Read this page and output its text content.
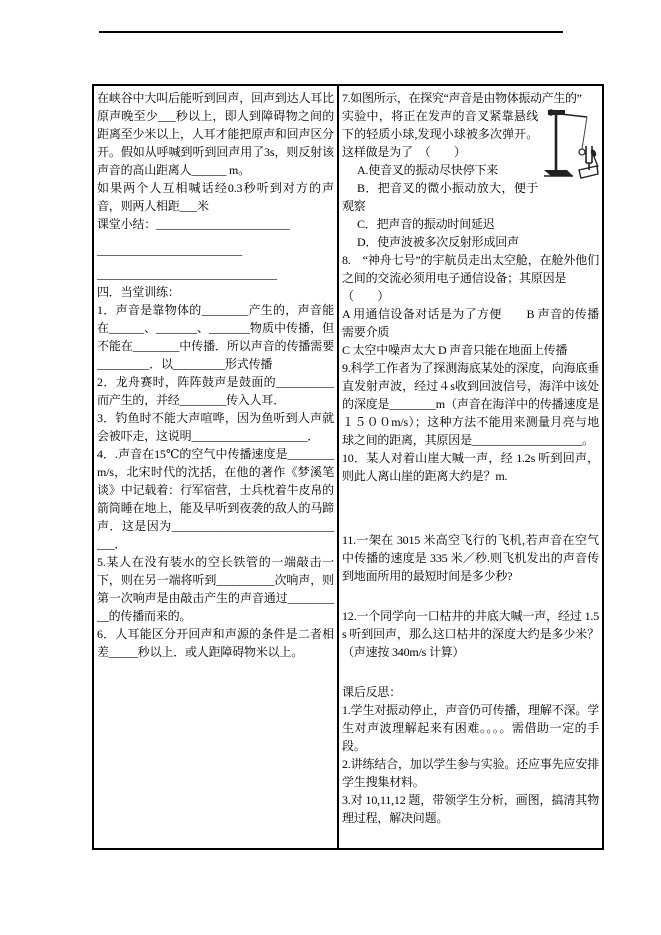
在峡谷中大叫后能听到回声，回声到达人耳比原声晚至少___秒以上，即人到障碍物之间的距离至少米以上，人耳才能把原声和回声区分开。假如从呼喊到听到回声用了3s，则反射该声音的高山距离人______ m。

如果两个人互相喊话经0.3秒听到对方的声音，则两人相距___米

课堂小结：_______________________

_________________________

_______________________________

四．当堂训练：

1．声音是靠物体的________产生的，声音能在______、_______、_______物质中传播，但不能在________中传播．所以声音的传播需要_________．以_________形式传播

2．龙舟赛时，阵阵鼓声是鼓面的__________而产生的，并经________传入人耳．

3．钓鱼时不能大声喧哗，因为鱼听到人声就会被吓走，这说明____________________．

4．.声音在15℃的空气中传播速度是________m/s，北宋时代的沈括，在他的著作《梦溪笔谈》中记载着：行军宿营，士兵枕着牛皮帛的箭筒睡在地上，能及早听到夜袭的敌人的马蹄声．这是因为_______________________________．

5.某人在没有装水的空长铁管的一端敲击一下，则在另一端将听到__________次响声，则第一次响声是由敲击产生的声音通过__________的传播而来的。

6．人耳能区分开回声和声源的条件是二者相差_____秒以上．或人距障碍物米以上。

7.如图所示，在探究“声音是由物体振动产生的”

实验中，将正在发声的音叉紧靠悬线下的轻质小球,发现小球被多次弹开。这样做是为了　（　　）

A.使音叉的振动尽快停下来

B．把音叉的微小振动放大，便于观察

C．把声音的振动时间延迟

D．使声波被多次反射形成回声

8.　“神舟七号”的宇航员走出太空舱，在舱外他们之间的交流必须用电子通信设备；其原因是

（　　）

A 用通信设备对话是为了方便　　B 声音的传播需要介质

C 太空中噪声太大 D 声音只能在地面上传播

9.科学工作者为了探测海底某处的深度，向海底垂直发射声波，经过４s收到回波信号，海洋中该处的深度是________m（声音在海洋中的传播速度是１５００m/s）；这种方法不能用来测量月亮与地球之间的距离，其原因是___________________。

10．某人对着山崖大喊一声，经 1.2s 听到回声，则此人离山崖的距离大约是？m.

11.一架在 3015 米高空飞行的飞机,若声音在空气中传播的速度是 335 米／秒.则飞机发出的声音传到地面所用的最短时间是多少秒?

12.一个同学向一口枯井的井底大喊一声，经过 1.5s 听到回声，那么这口枯井的深度大约是多少米？（声速按 340m/s 计算）

课后反思：

1.学生对振动停止，声音仍可传播，理解不深。学生对声波理解起来有困难。。。。需借助一定的手段。

2.讲练结合，加以学生参与实验。还应事先应安排学生搜集材料。

3.对 10,11,12 题，带领学生分析，画图，搞清其物理过程，解决问题。
